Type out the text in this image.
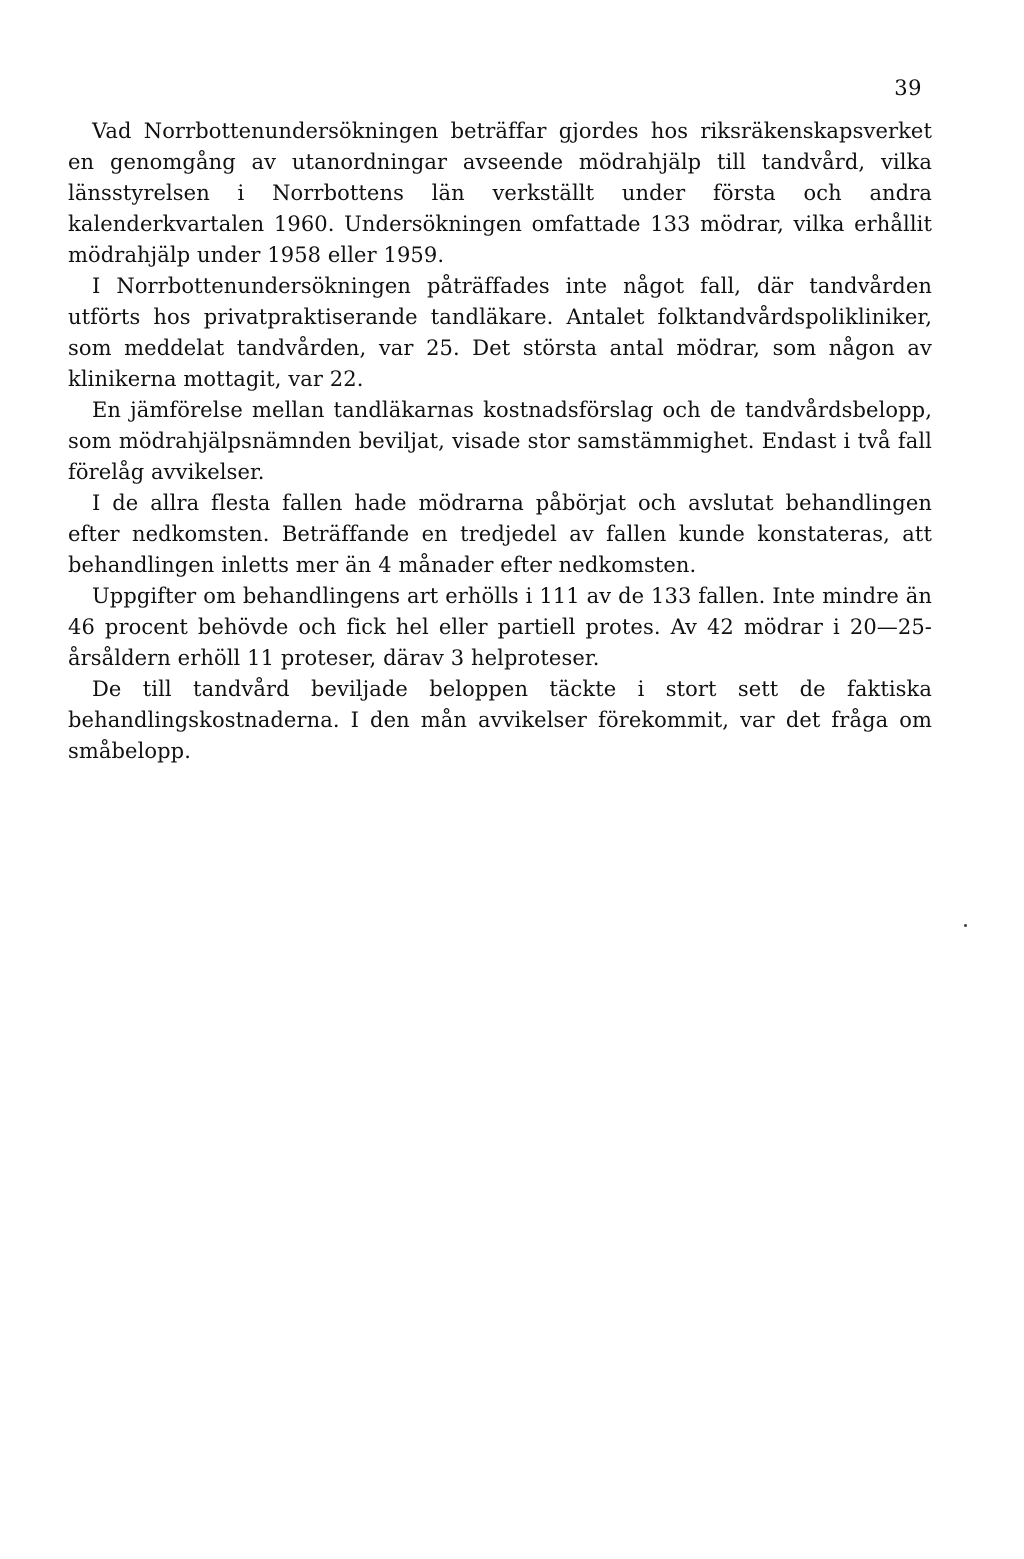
39

Vad Norrbottenundersökningen beträffar gjordes hos riksräkenskapsverket en genomgång av utanordningar avseende mödrahjälp till tandvård, vilka länsstyrelsen i Norrbottens län verkställt under första och andra kalenderkvartalen 1960. Undersökningen omfattade 133 mödrar, vilka erhållit mödrahjälp under 1958 eller 1959.

I Norrbottenundersökningen påträffades inte något fall, där tandvården utförts hos privatpraktiserande tandläkare. Antalet folktandvårdspolikliniker, som meddelat tandvården, var 25. Det största antal mödrar, som någon av klinikerna mottagit, var 22.

En jämförelse mellan tandläkarnas kostnadsförslag och de tandvårdsbelopp, som mödrahjälpsnämnden beviljat, visade stor samstämmighet. Endast i två fall förelåg avvikelser.

I de allra flesta fallen hade mödrarna påbörjat och avslutat behandlingen efter nedkomsten. Beträffande en tredjedel av fallen kunde konstateras, att behandlingen inletts mer än 4 månader efter nedkomsten.

Uppgifter om behandlingens art erhölls i 111 av de 133 fallen. Inte mindre än 46 procent behövde och fick hel eller partiell protes. Av 42 mödrar i 20—25-årsåldern erhöll 11 proteser, därav 3 helproteser.

De till tandvård beviljade beloppen täckte i stort sett de faktiska behandlingskostnaderna. I den mån avvikelser förekommit, var det fråga om småbelopp.
